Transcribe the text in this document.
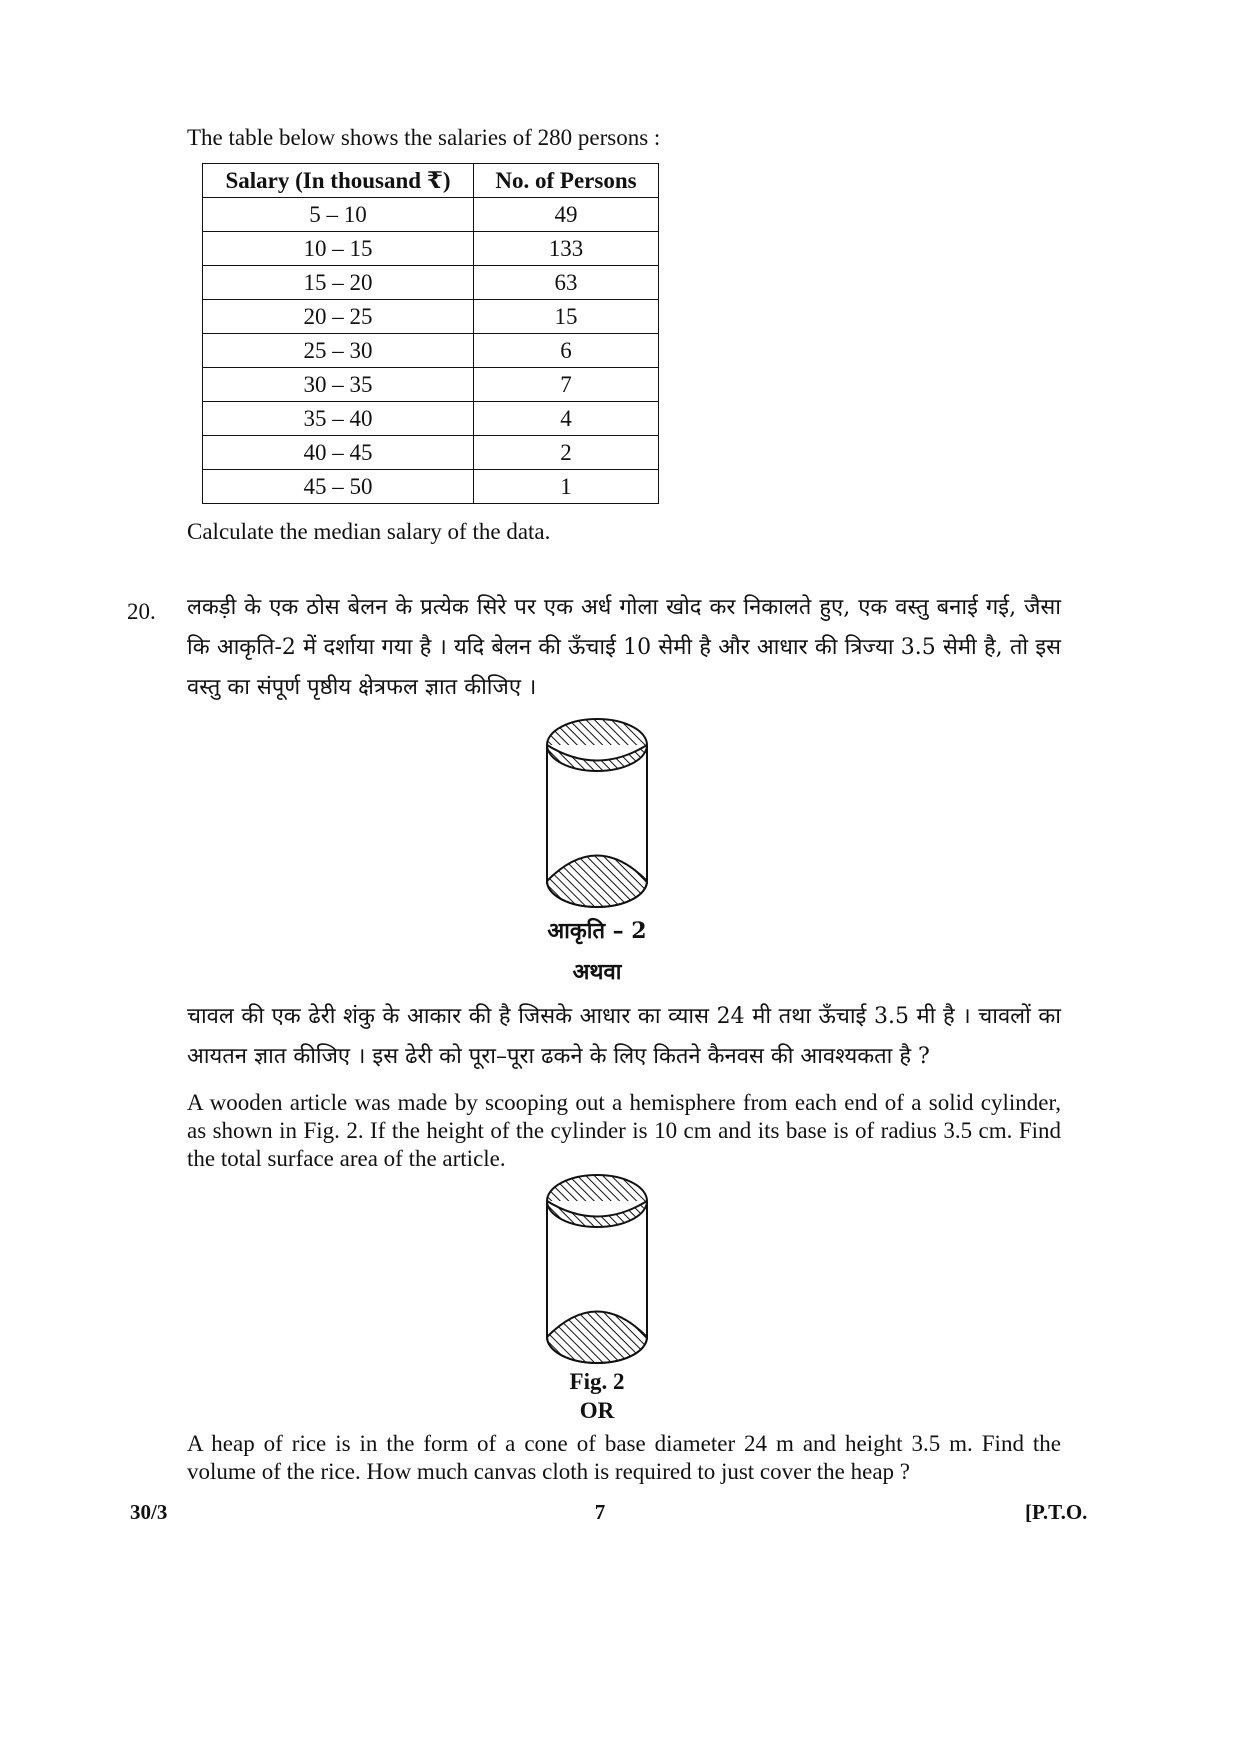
The table below shows the salaries of 280 persons :
Salary (In thousand ₹)	No. of Persons
5 – 10	49
10 – 15	133
15 – 20	63
20 – 25	15
25 – 30	6
30 – 35	7
35 – 40	4
40 – 45	2
45 – 50	1
Calculate the median salary of the data.
20. लकड़ी के एक ठोस बेलन के प्रत्येक सिरे पर एक अर्ध गोला खोद कर निकालते हुए, एक वस्तु बनाई गई, जैसा कि आकृति-2 में दर्शाया गया है । यदि बेलन की ऊँचाई 10 सेमी है और आधार की त्रिज्या 3.5 सेमी है, तो इस वस्तु का संपूर्ण पृष्ठीय क्षेत्रफल ज्ञात कीजिए ।
आकृति – 2
अथवा
चावल की एक ढेरी शंकु के आकार की है जिसके आधार का व्यास 24 मी तथा ऊँचाई 3.5 मी है । चावलों का आयतन ज्ञात कीजिए । इस ढेरी को पूरा–पूरा ढकने के लिए कितने कैनवस की आवश्यकता है ?
A wooden article was made by scooping out a hemisphere from each end of a solid cylinder, as shown in Fig. 2. If the height of the cylinder is 10 cm and its base is of radius 3.5 cm. Find the total surface area of the article.
Fig. 2
OR
A heap of rice is in the form of a cone of base diameter 24 m and height 3.5 m. Find the volume of the rice. How much canvas cloth is required to just cover the heap ?
30/3	7	[P.T.O.
